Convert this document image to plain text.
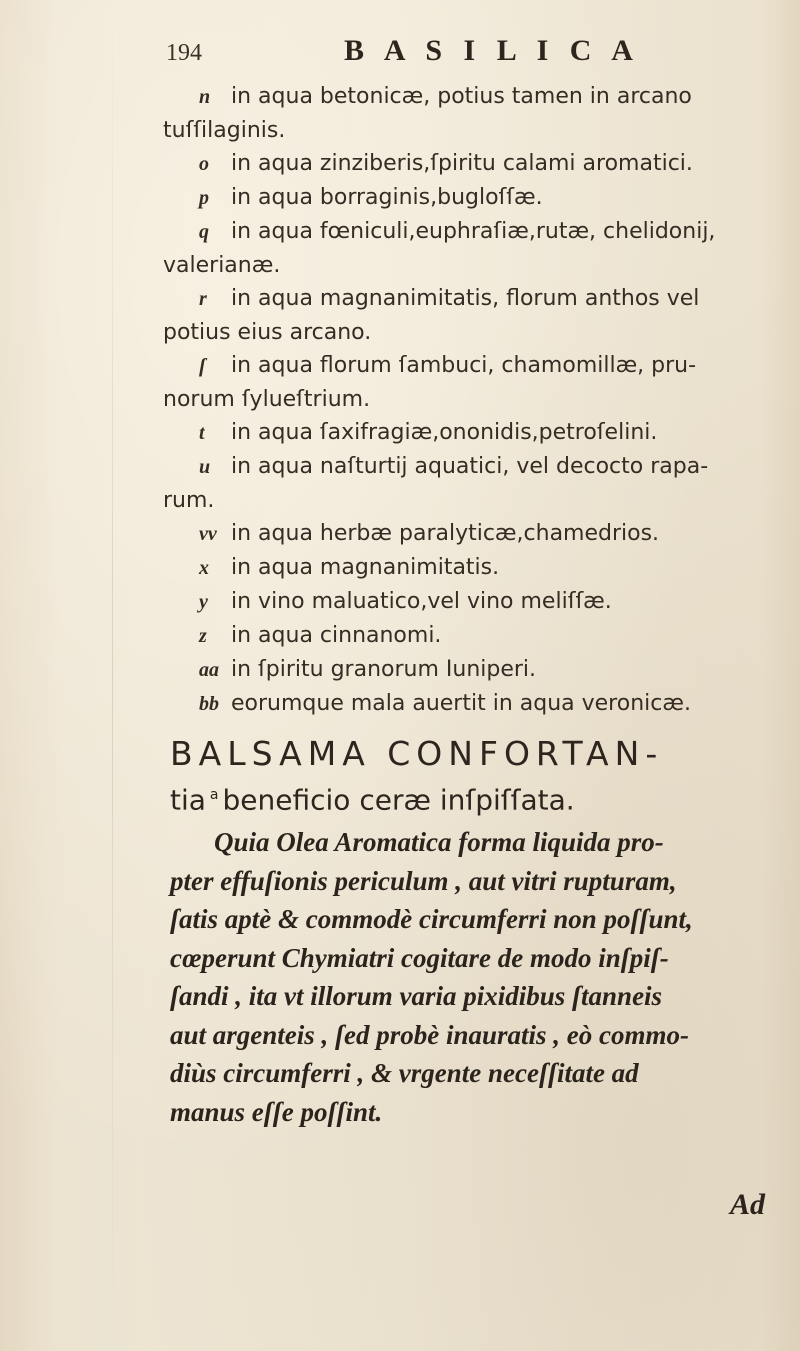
194	B A S I L I C A
n in aqua betonicæ, potius tamen in arcano
tuſſilaginis.
o in aqua zinziberis,ſpiritu calami aromatici.
p in aqua borraginis,bugloſſæ.
q in aqua fœniculi,euphraſiæ,rutæ, chelidonij,
valerianæ.
r in aqua magnanimitatis, florum anthos vel
potius eius arcano.
ſ in aqua florum ſambuci, chamomillæ, pru-
norum ſylueſtrium.
t in aqua ſaxifragiæ,ononidis,petroſelini.
u in aqua naſturtij aquatici, vel decocto rapa-
rum.
vv in aqua herbæ paralyticæ,chamedrios.
x in aqua magnanimitatis.
y in vino maluatico,vel vino meliſſæ.
z in aqua cinnanomi.
aa in ſpiritu granorum Iuniperi.
bb eorumque mala auertit in aqua veronicæ.
BALSAMA CONFORTAN-
tia $^a$ beneficio ceræ inſpiſſata.
Quia Olea Aromatica forma liquida pro-
pter effuſionis periculum , aut vitri rupturam,
ſatis aptè & commodè circumferri non poſſunt,
cœperunt Chymiatri cogitare de modo inſpiſ-
ſandi , ita vt illorum varia pixidibus ſtanneis
aut argenteis , ſed probè inauratis , eò commo-
diùs circumferri , & vrgente neceſſitate ad
manus eſſe poſſint.
Ad
